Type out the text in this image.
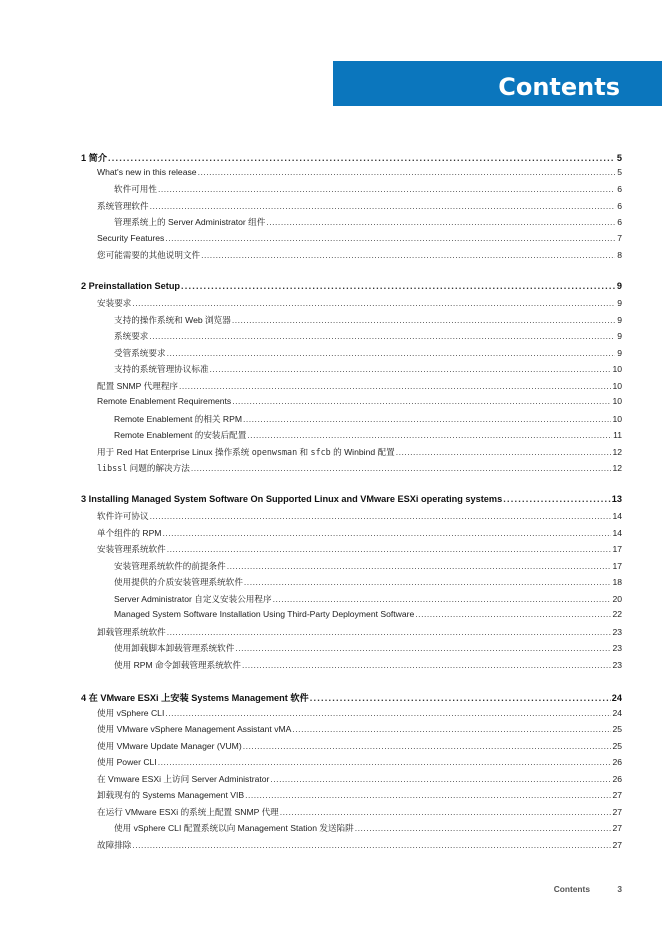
Contents
1 简介 .....	5
What's new in this release .....	5
软件可用性 .....	6
系统管理软件 .....	6
管理系统上的 Server Administrator 组件 .....	6
Security Features .....	7
您可能需要的其他说明文件 .....	8
2 Preinstallation Setup .....	9
安装要求 .....	9
支持的操作系统和 Web 浏览器 .....	9
系统要求 .....	9
受管系统要求 .....	9
支持的系统管理协议标准 .....	10
配置 SNMP 代理程序 .....	10
Remote Enablement Requirements .....	10
Remote Enablement 的相关 RPM .....	10
Remote Enablement 的安装后配置 .....	11
用于 Red Hat Enterprise Linux 操作系统 openwsman 和 sfcb 的 Winbind 配置 .....	12
libssl 问题的解决方法 .....	12
3 Installing Managed System Software On Supported Linux and VMware ESXi operating systems .....	13
软件许可协议 .....	14
单个组件的 RPM .....	14
安装管理系统软件 .....	17
安装管理系统软件的前提条件 .....	17
使用提供的介质安装管理系统软件 .....	18
Server Administrator 自定义安装公用程序 .....	20
Managed System Software Installation Using Third-Party Deployment Software .....	22
卸载管理系统软件 .....	23
使用卸载脚本卸载管理系统软件 .....	23
使用 RPM 命令卸载管理系统软件 .....	23
4 在 VMware ESXi 上安装 Systems Management 软件 .....	24
使用 vSphere CLI .....	24
使用 VMware vSphere Management Assistant vMA .....	25
使用 VMware Update Manager (VUM) .....	25
使用 Power CLI .....	26
在 Vmware ESXi 上访问 Server Administrator .....	26
卸载现有的 Systems Management VIB .....	27
在运行 VMware ESXi 的系统上配置 SNMP 代理 .....	27
使用 vSphere CLI 配置系统以向 Management Station 发送陷阱 .....	27
故障排除 .....	27
Contents	3
